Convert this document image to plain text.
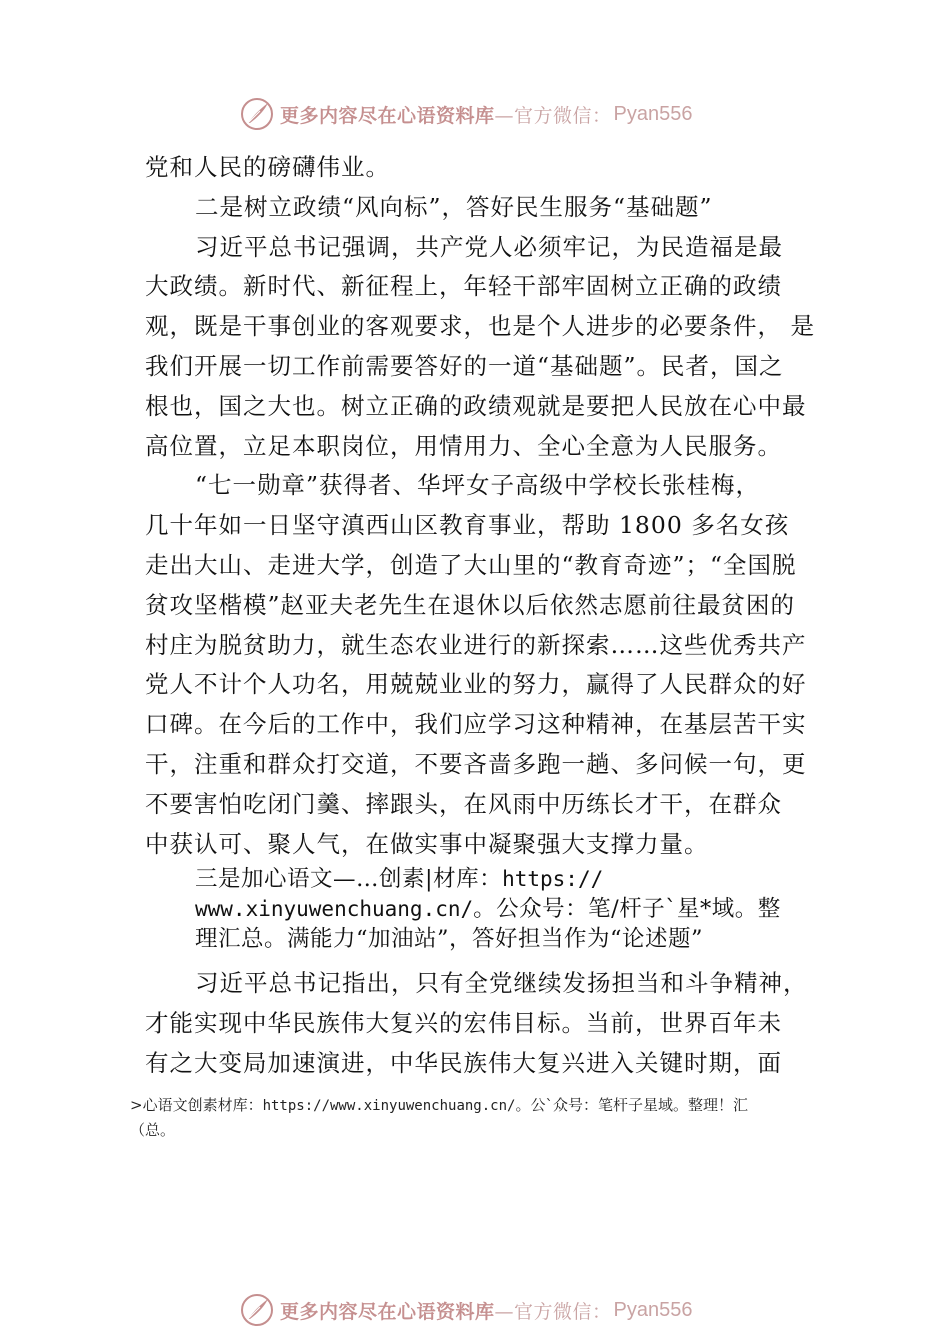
更多内容尽在心语资料库—官方微信： Pyan556
党和人民的磅礴伟业。
二是树立政绩“风向标”，答好民生服务“基础题”
习近平总书记强调，共产党人必须牢记，为民造福是最
大政绩。新时代、新征程上，年轻干部牢固树立正确的政绩
观，既是干事创业的客观要求，也是个人进步的必要条件， 是
我们开展一切工作前需要答好的一道“基础题”。民者，国之
根也，国之大也。树立正确的政绩观就是要把人民放在心中最
高位置，立足本职岗位，用情用力、全心全意为人民服务。
“七一勋章”获得者、华坪女子高级中学校长张桂梅，
几十年如一日坚守滇西山区教育事业，帮助 1800 多名女孩
走出大山、走进大学，创造了大山里的“教育奇迹”；“全国脱
贫攻坚楷模”赵亚夫老先生在退休以后依然志愿前往最贫困的
村庄为脱贫助力，就生态农业进行的新探索……这些优秀共产
党人不计个人功名，用兢兢业业的努力，赢得了人民群众的好
口碑。在今后的工作中，我们应学习这种精神，在基层苦干实
干，注重和群众打交道，不要吝啬多跑一趟、多问候一句，更
不要害怕吃闭门羹、摔跟头，在风雨中历练长才干，在群众
中获认可、聚人气，在做实事中凝聚强大支撑力量。
三是加心语文—…创素|材库：https://
www.xinyuwenchuang.cn/。公众号：笔/杆子`星*域。整
理汇总。满能力“加油站”，答好担当作为“论述题”
习近平总书记指出，只有全党继续发扬担当和斗争精神，
才能实现中华民族伟大复兴的宏伟目标。当前，世界百年未
有之大变局加速演进，中华民族伟大复兴进入关键时期，面
>心语文创素材库：https://www.xinyuwenchuang.cn/。公`众号：笔杆子星域。整理！汇
（总。
更多内容尽在心语资料库—官方微信： Pyan556
